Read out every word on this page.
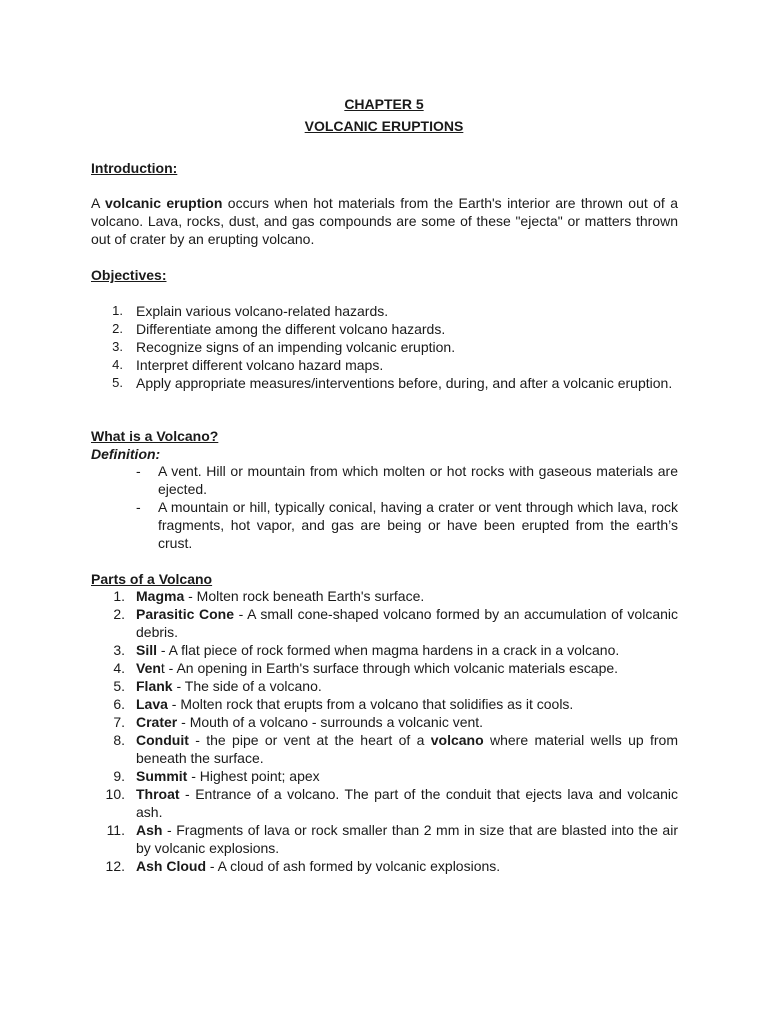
CHAPTER 5
VOLCANIC ERUPTIONS
Introduction:
A volcanic eruption occurs when hot materials from the Earth's interior are thrown out of a volcano. Lava, rocks, dust, and gas compounds are some of these "ejecta" or matters thrown out of crater by an erupting volcano.
Objectives:
1. Explain various volcano-related hazards.
2. Differentiate among the different volcano hazards.
3. Recognize signs of an impending volcanic eruption.
4. Interpret different volcano hazard maps.
5. Apply appropriate measures/interventions before, during, and after a volcanic eruption.
What is a Volcano?
Definition:
- A vent. Hill or mountain from which molten or hot rocks with gaseous materials are ejected.
- A mountain or hill, typically conical, having a crater or vent through which lava, rock fragments, hot vapor, and gas are being or have been erupted from the earth’s crust.
Parts of a Volcano
1. Magma - Molten rock beneath Earth's surface.
2. Parasitic Cone - A small cone-shaped volcano formed by an accumulation of volcanic debris.
3. Sill - A flat piece of rock formed when magma hardens in a crack in a volcano.
4. Vent - An opening in Earth's surface through which volcanic materials escape.
5. Flank - The side of a volcano.
6. Lava - Molten rock that erupts from a volcano that solidifies as it cools.
7. Crater - Mouth of a volcano - surrounds a volcanic vent.
8. Conduit - the pipe or vent at the heart of a volcano where material wells up from beneath the surface.
9. Summit - Highest point; apex
10. Throat - Entrance of a volcano. The part of the conduit that ejects lava and volcanic ash.
11. Ash - Fragments of lava or rock smaller than 2 mm in size that are blasted into the air by volcanic explosions.
12. Ash Cloud - A cloud of ash formed by volcanic explosions.
